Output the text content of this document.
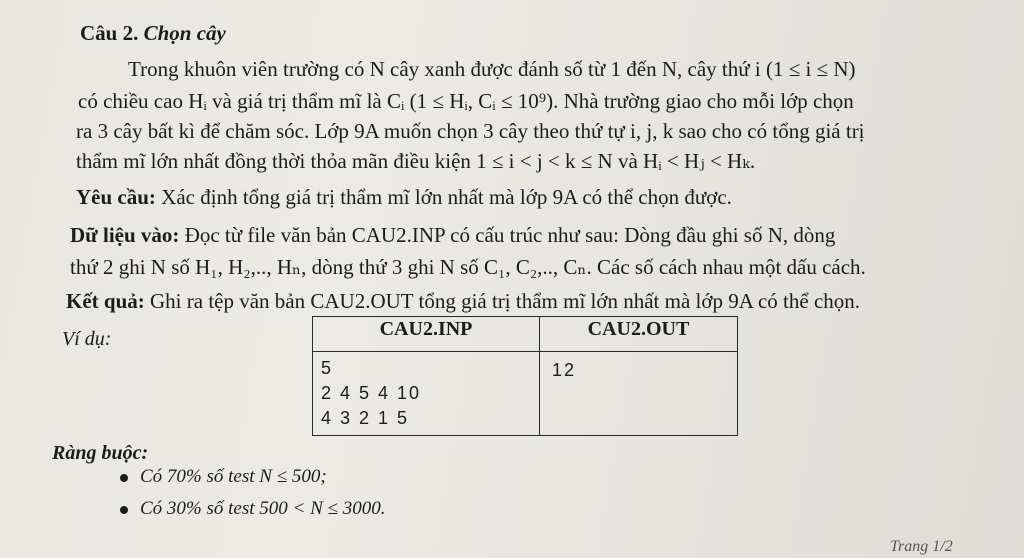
Câu 2. Chọn cây
Trong khuôn viên trường có N cây xanh được đánh số từ 1 đến N, cây thứ i (1 ≤ i ≤ N)
có chiều cao Hᵢ và giá trị thẩm mĩ là Cᵢ (1 ≤ Hᵢ, Cᵢ ≤ 10⁹). Nhà trường giao cho mỗi lớp chọn
ra 3 cây bất kì để chăm sóc. Lớp 9A muốn chọn 3 cây theo thứ tự i, j, k sao cho có tổng giá trị
thẩm mĩ lớn nhất đồng thời thỏa mãn điều kiện 1 ≤ i < j < k ≤ N và Hᵢ < Hⱼ < Hₖ.
Yêu cầu: Xác định tổng giá trị thẩm mĩ lớn nhất mà lớp 9A có thể chọn được.
Dữ liệu vào: Đọc từ file văn bản CAU2.INP có cấu trúc như sau: Dòng đầu ghi số N, dòng
thứ 2 ghi N số H₁, H₂,.., Hₙ, dòng thứ 3 ghi N số C₁, C₂,.., Cₙ. Các số cách nhau một dấu cách.
Kết quả: Ghi ra tệp văn bản CAU2.OUT tổng giá trị thẩm mĩ lớn nhất mà lớp 9A có thể chọn.
Ví dụ:	CAU2.INP	CAU2.OUT

5
2 4 5 4 10
4 3 2 1 5	12
Ràng buộc:
Có 70% số test N ≤ 500;
Có 30% số test 500 < N ≤ 3000.
Trang 1/2
